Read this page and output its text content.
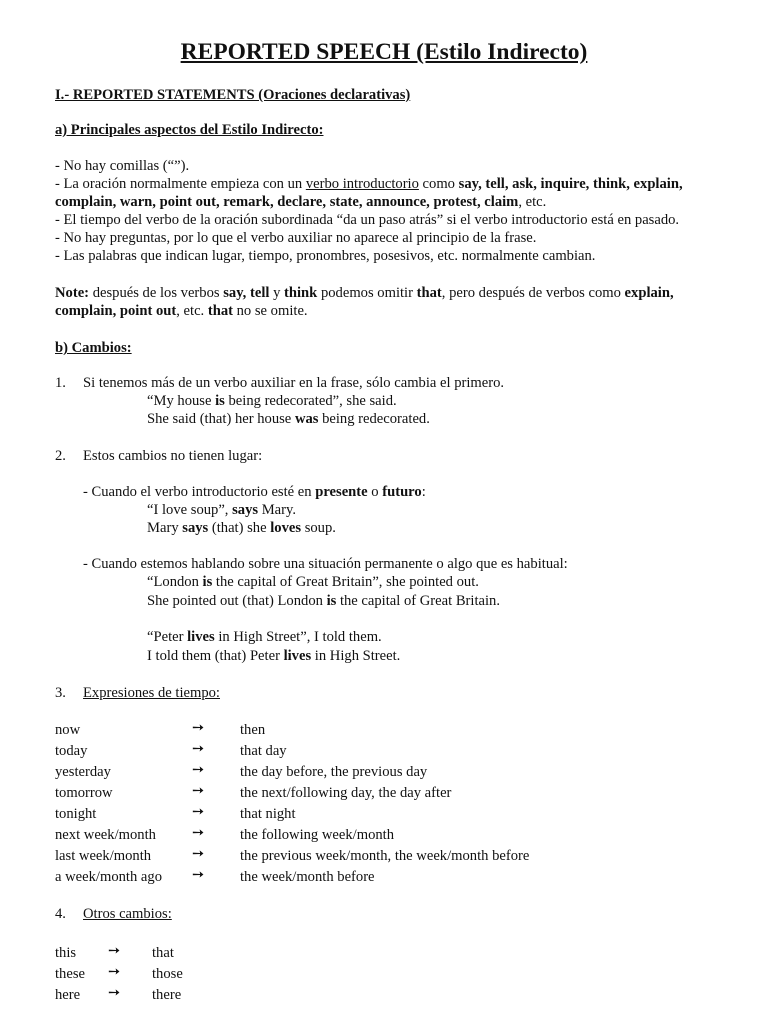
REPORTED SPEECH (Estilo Indirecto)
I.- REPORTED STATEMENTS (Oraciones declarativas)
a) Principales aspectos del Estilo Indirecto:
- No hay comillas (“”).
- La oración normalmente empieza con un verbo introductorio como say, tell, ask, inquire, think, explain,
complain, warn, point out, remark, declare, state, announce, protest, claim, etc.
- El tiempo del verbo de la oración subordinada “da un paso atrás” si el verbo introductorio está en pasado.
- No hay preguntas, por lo que el verbo auxiliar no aparece al principio de la frase.
- Las palabras que indican lugar, tiempo, pronombres, posesivos, etc. normalmente cambian.
Note: después de los verbos say, tell y think podemos omitir that, pero después de verbos como explain,
complain, point out, etc. that no se omite.
b) Cambios:
1. Si tenemos más de un verbo auxiliar en la frase, sólo cambia el primero.
“My house is being redecorated”, she said.
She said (that) her house was being redecorated.
2. Estos cambios no tienen lugar:
- Cuando el verbo introductorio esté en presente o futuro:
“I love soup”, says Mary.
Mary says (that) she loves soup.
- Cuando estemos hablando sobre una situación permanente o algo que es habitual:
“London is the capital of Great Britain”, she pointed out.
She pointed out (that) London is the capital of Great Britain.
“Peter lives in High Street”, I told them.
I told them (that) Peter lives in High Street.
3. Expresiones de tiempo:
now	➙ then
today	➙ that day
yesterday	➙ the day before, the previous day
tomorrow	➙ the next/following day, the day after
tonight	➙ that night
next week/month ➙ the following week/month
last week/month	➙ the previous week/month, the week/month before
a week/month ago ➙ the week/month before
4. Otros cambios:
this ➙ that
these ➙ those
here ➙ there
